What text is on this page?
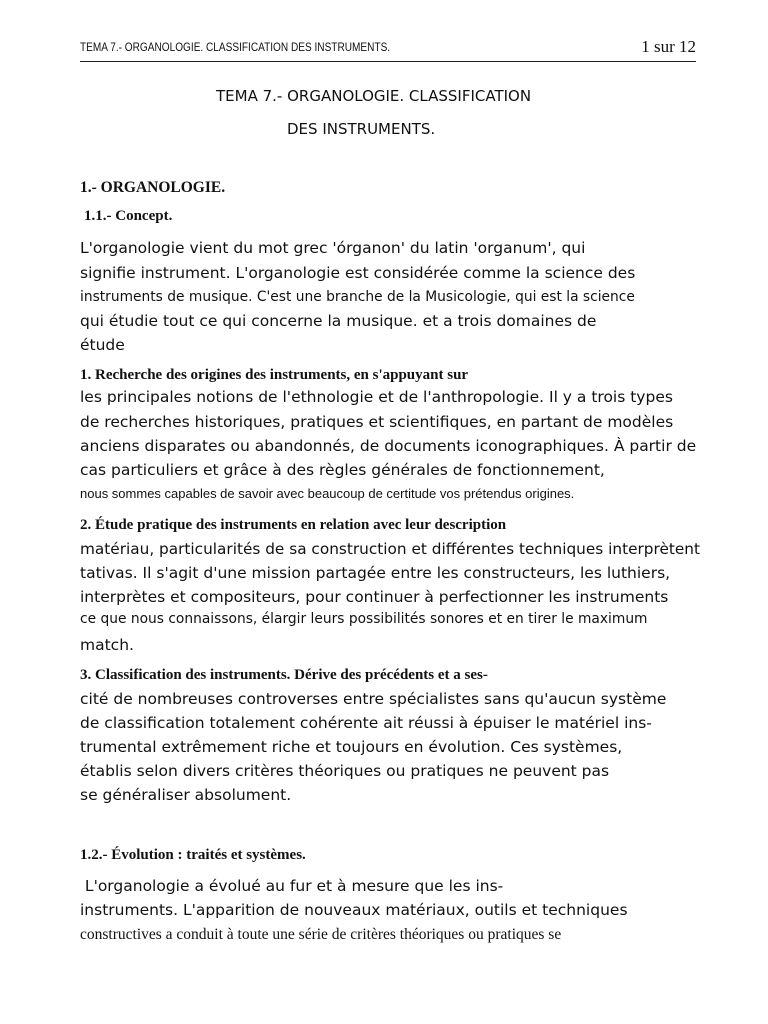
TEMA 7.- ORGANOLOGIE. CLASSIFICATION DES INSTRUMENTS.	1 sur 12
TEMA 7.- ORGANOLOGIE. CLASSIFICATION
DES INSTRUMENTS.
1.- ORGANOLOGIE.
1.1.- Concept.
L'organologie vient du mot grec 'órganon' du latin 'organum', qui
signifie instrument. L'organologie est considérée comme la science des
instruments de musique. C'est une branche de la Musicologie, qui est la science
qui étudie tout ce qui concerne la musique. et a trois domaines de
étude
1. Recherche des origines des instruments, en s'appuyant sur
les principales notions de l'ethnologie et de l'anthropologie. Il y a trois types
de recherches historiques, pratiques et scientifiques, en partant de modèles
anciens disparates ou abandonnés, de documents iconographiques. À partir de
cas particuliers et grâce à des règles générales de fonctionnement,
nous sommes capables de savoir avec beaucoup de certitude vos prétendus origines.
2. Étude pratique des instruments en relation avec leur description
matériau, particularités de sa construction et différentes techniques interprètent
tativas. Il s'agit d'une mission partagée entre les constructeurs, les luthiers,
interprètes et compositeurs, pour continuer à perfectionner les instruments
ce que nous connaissons, élargir leurs possibilités sonores et en tirer le maximum
match.
3. Classification des instruments. Dérive des précédents et a ses-
cité de nombreuses controverses entre spécialistes sans qu'aucun système
de classification totalement cohérente ait réussi à épuiser le matériel ins-
trumental extrêmement riche et toujours en évolution. Ces systèmes,
établis selon divers critères théoriques ou pratiques ne peuvent pas
se généraliser absolument.
1.2.- Évolution : traités et systèmes.
L'organologie a évolué au fur et à mesure que les ins-
instruments. L'apparition de nouveaux matériaux, outils et techniques
constructives a conduit à toute une série de critères théoriques ou pratiques se
